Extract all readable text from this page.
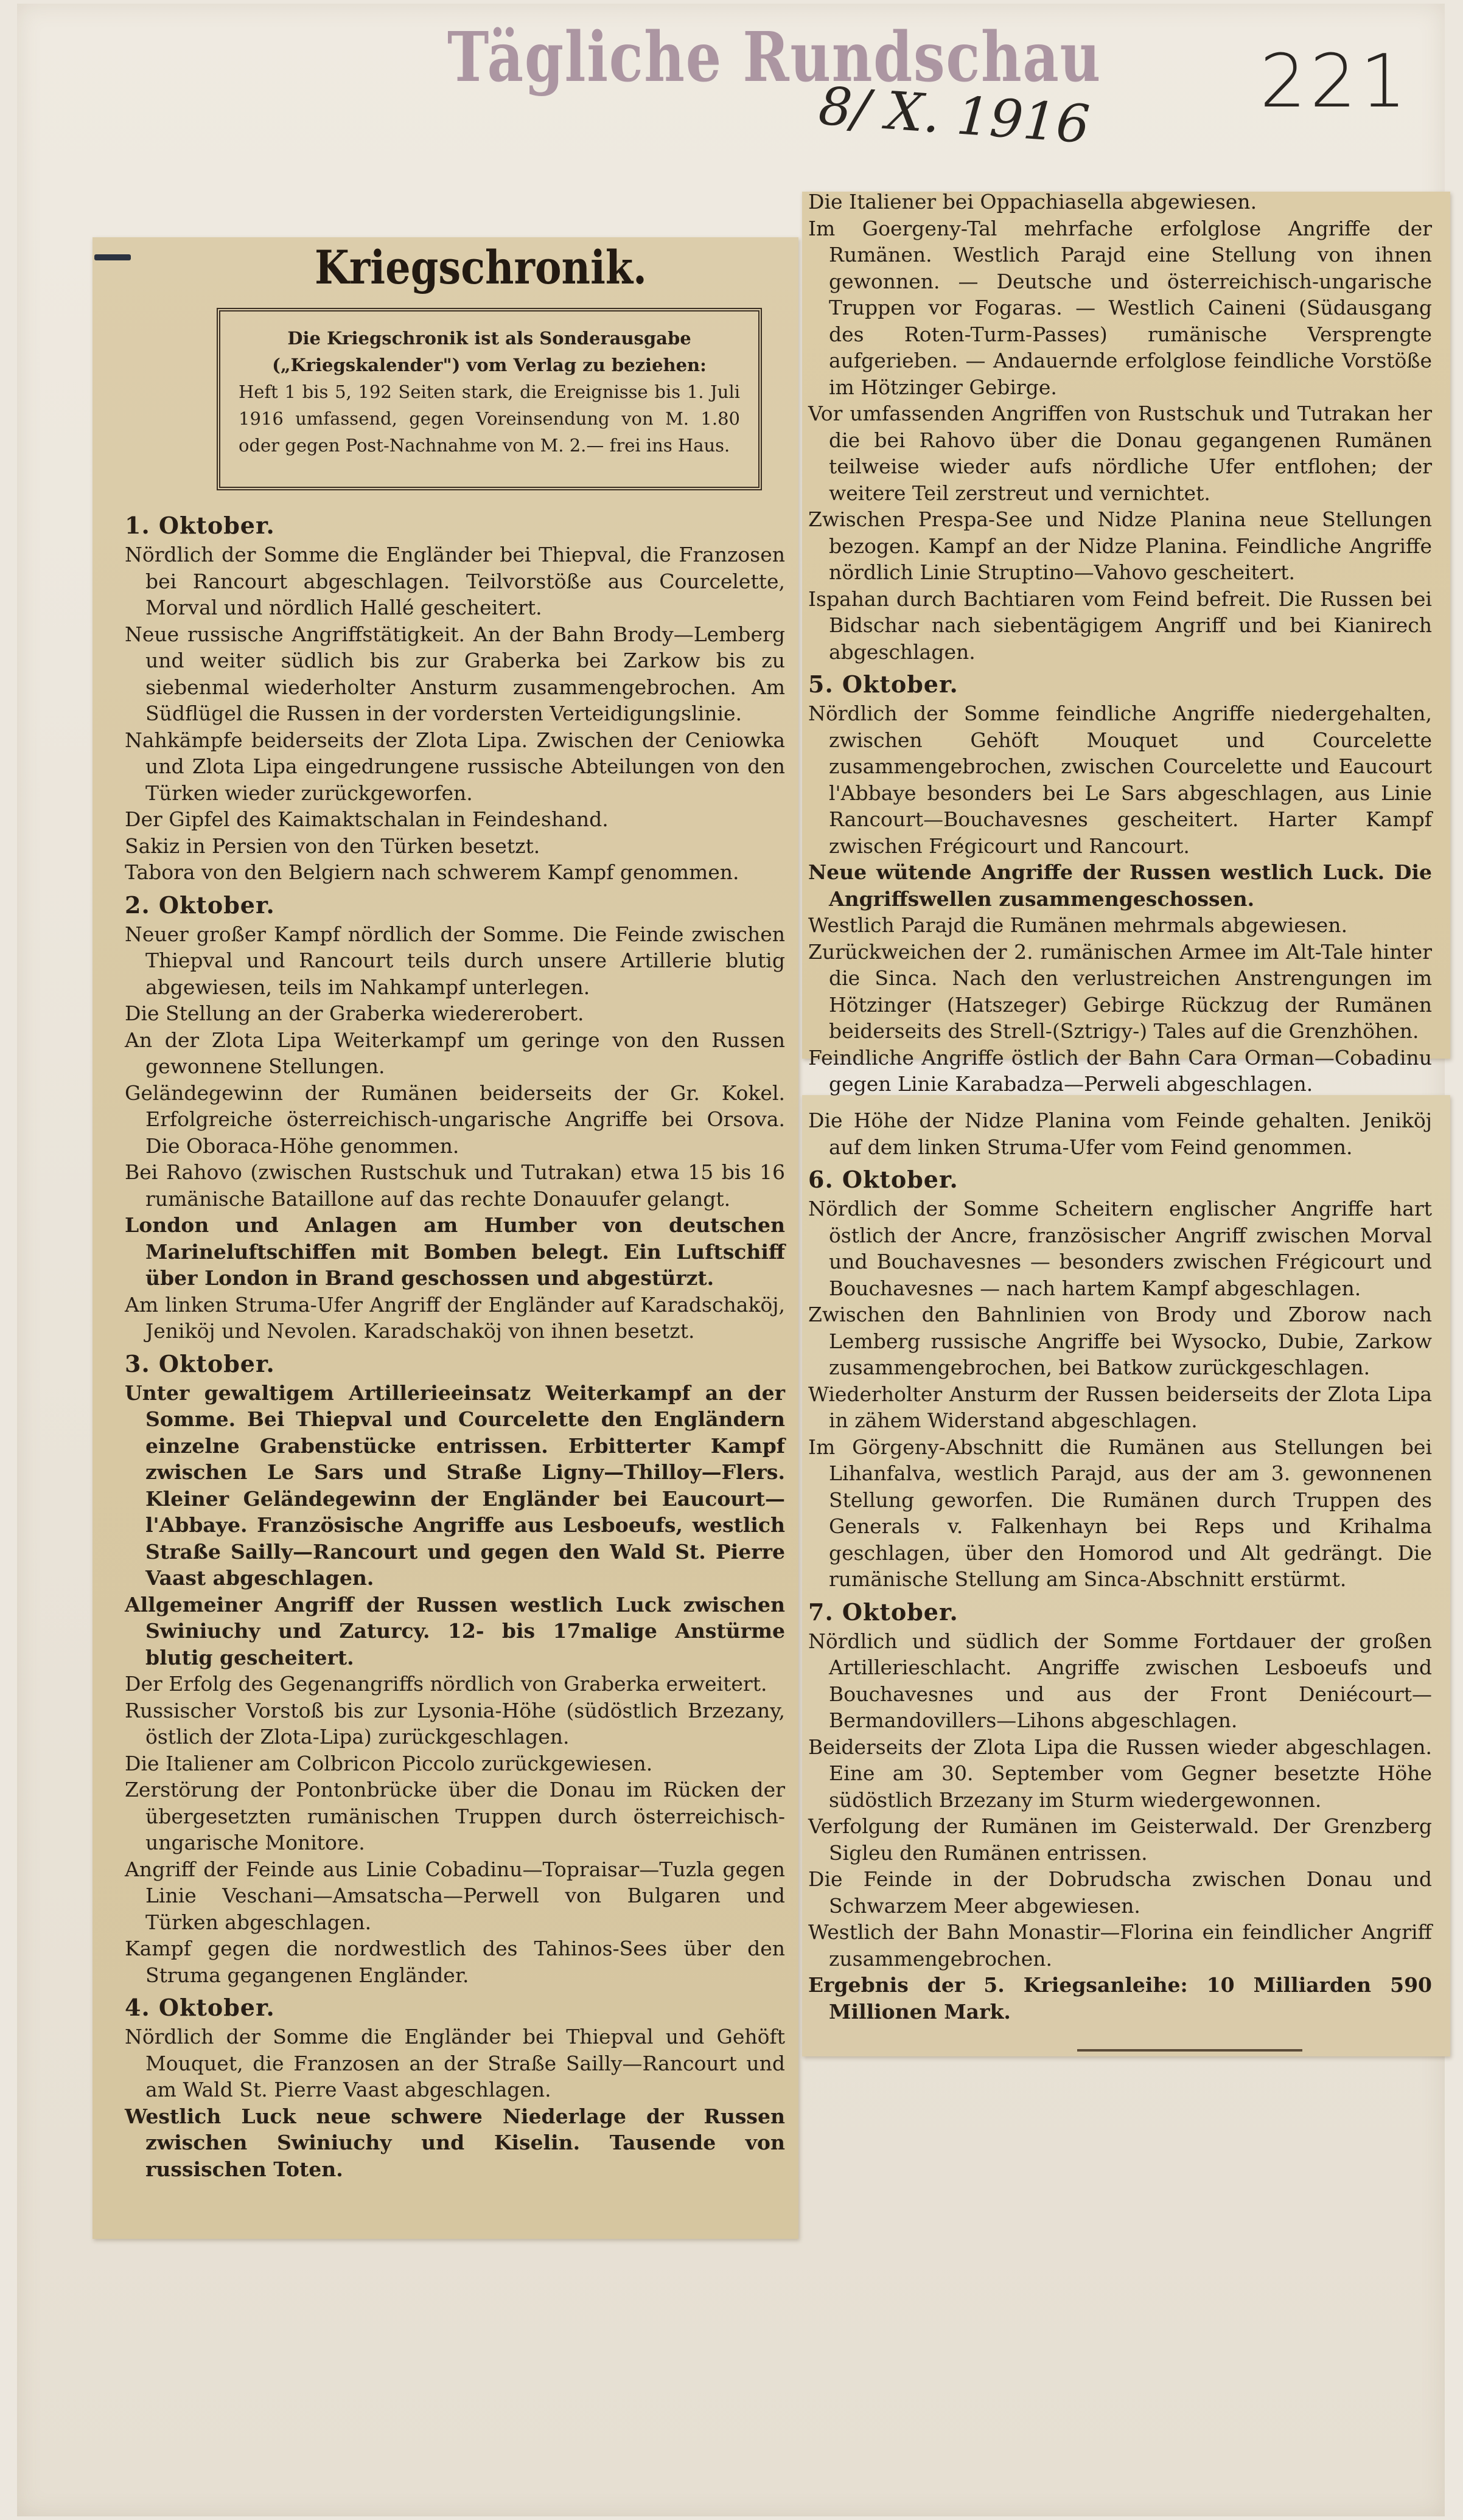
Tägliche Rundschau
8/ X. 1916 221
Kriegschronik.
Die Kriegschronik ist als Sonderausgabe („Kriegskalender") vom Verlag zu beziehen:
Heft 1 bis 5, 192 Seiten stark, die Ereignisse bis 1. Juli 1916 umfassend, gegen Voreinsendung von M. 1.80 oder gegen Post-Nachnahme von M. 2.— frei ins Haus.
1. Oktober.

Nördlich der Somme die Engländer bei Thiepval, die Franzosen bei Rancourt abgeschlagen. Teilvorstöße aus Courcelette, Morval und nördlich Hallé gescheitert.

Neue russische Angriffstätigkeit. An der Bahn Brody—Lemberg und weiter südlich bis zur Graberka bei Zarkow bis zu siebenmal wiederholter Ansturm zusammengebrochen. Am Südflügel die Russen in der vordersten Verteidigungslinie.

Nahkämpfe beiderseits der Zlota Lipa. Zwischen der Ceniowka und Zlota Lipa eingedrungene russische Abteilungen von den Türken wieder zurückgeworfen.

Der Gipfel des Kaimaktschalan in Feindeshand.

Sakiz in Persien von den Türken besetzt.

Tabora von den Belgiern nach schwerem Kampf genommen.

2. Oktober.

Neuer großer Kampf nördlich der Somme. Die Feinde zwischen Thiepval und Rancourt teils durch unsere Artillerie blutig abgewiesen, teils im Nahkampf unterlegen.

Die Stellung an der Graberka wiedererobert.

An der Zlota Lipa Weiterkampf um geringe von den Russen gewonnene Stellungen.

Geländegewinn der Rumänen beiderseits der Gr. Kokel. Erfolgreiche österreichisch-ungarische Angriffe bei Orsova. Die Oboraca-Höhe genommen.

Bei Rahovo (zwischen Rustschuk und Tutrakan) etwa 15 bis 16 rumänische Bataillone auf das rechte Donauufer gelangt.

London und Anlagen am Humber von deutschen Marineluftschiffen mit Bomben belegt. Ein Luftschiff über London in Brand geschossen und abgestürzt.

Am linken Struma-Ufer Angriff der Engländer auf Karadschaköj, Jeniköj und Nevolen. Karadschaköj von ihnen besetzt.

3. Oktober.

Unter gewaltigem Artillerieeinsatz Weiterkampf an der Somme. Bei Thiepval und Courcelette den Engländern einzelne Grabenstücke entrissen. Erbitterter Kampf zwischen Le Sars und Straße Ligny—Thilloy—Flers. Kleiner Geländegewinn der Engländer bei Eaucourt—l'Abbaye. Französische Angriffe aus Lesboeufs, westlich Straße Sailly—Rancourt und gegen den Wald St. Pierre Vaast abgeschlagen.

Allgemeiner Angriff der Russen westlich Luck zwischen Swiniuchy und Zaturcy. 12- bis 17malige Anstürme blutig gescheitert.

Der Erfolg des Gegenangriffs nördlich von Graberka erweitert.

Russischer Vorstoß bis zur Lysonia-Höhe (südöstlich Brzezany, östlich der Zlota-Lipa) zurückgeschlagen.

Die Italiener am Colbricon Piccolo zurückgewiesen.

Zerstörung der Pontonbrücke über die Donau im Rücken der übergesetzten rumänischen Truppen durch österreichisch-ungarische Monitore.

Angriff der Feinde aus Linie Cobadinu—Topraisar—Tuzla gegen Linie Veschani—Amsatscha—Perwell von Bulgaren und Türken abgeschlagen.

Kampf gegen die nordwestlich des Tahinos-Sees über den Struma gegangenen Engländer.

4. Oktober.

Nördlich der Somme die Engländer bei Thiepval und Gehöft Mouquet, die Franzosen an der Straße Sailly—Rancourt und am Wald St. Pierre Vaast abgeschlagen.

Westlich Luck neue schwere Niederlage der Russen zwischen Swiniuchy und Kiselin. Tausende von russischen Toten.

Die Italiener bei Oppachiasella abgewiesen.

Im Goergeny-Tal mehrfache erfolglose Angriffe der Rumänen. Westlich Parajd eine Stellung von ihnen gewonnen. — Deutsche und österreichisch-ungarische Truppen vor Fogaras. — Westlich Caineni (Südausgang des Roten-Turm-Passes) rumänische Versprengte aufgerieben. — Andauernde erfolglose feindliche Vorstöße im Hötzinger Gebirge.

Vor umfassenden Angriffen von Rustschuk und Tutrakan her die bei Rahovo über die Donau gegangenen Rumänen teilweise wieder aufs nördliche Ufer entflohen; der weitere Teil zerstreut und vernichtet.

Zwischen Prespa-See und Nidze Planina neue Stellungen bezogen. Kampf an der Nidze Planina. Feindliche Angriffe nördlich Linie Struptino—Vahovo gescheitert.

Ispahan durch Bachtiaren vom Feind befreit. Die Russen bei Bidschar nach siebentägigem Angriff und bei Kianirech abgeschlagen.

5. Oktober.

Nördlich der Somme feindliche Angriffe niedergehalten, zwischen Gehöft Mouquet und Courcelette zusammengebrochen, zwischen Courcelette und Eaucourt l'Abbaye besonders bei Le Sars abgeschlagen, aus Linie Rancourt—Bouchavesnes gescheitert. Harter Kampf zwischen Frégicourt und Rancourt.

Neue wütende Angriffe der Russen westlich Luck. Die Angriffswellen zusammengeschossen.

Westlich Parajd die Rumänen mehrmals abgewiesen.

Zurückweichen der 2. rumänischen Armee im Alt-Tale hinter die Sinca. Nach den verlustreichen Anstrengungen im Hötzinger (Hatszeger) Gebirge Rückzug der Rumänen beiderseits des Strell-(Sztrigy-) Tales auf die Grenzhöhen.

Feindliche Angriffe östlich der Bahn Cara Orman—Cobadinu gegen Linie Karabadza—Perweli abgeschlagen.

Die Höhe der Nidze Planina vom Feinde gehalten. Jeniköj auf dem linken Struma-Ufer vom Feind genommen.

6. Oktober.

Nördlich der Somme Scheitern englischer Angriffe hart östlich der Ancre, französischer Angriff zwischen Morval und Bouchavesnes — besonders zwischen Frégicourt und Bouchavesnes — nach hartem Kampf abgeschlagen.

Zwischen den Bahnlinien von Brody und Zborow nach Lemberg russische Angriffe bei Wysocko, Dubie, Zarkow zusammengebrochen, bei Batkow zurückgeschlagen.

Wiederholter Ansturm der Russen beiderseits der Zlota Lipa in zähem Widerstand abgeschlagen.

Im Görgeny-Abschnitt die Rumänen aus Stellungen bei Lihanfalva, westlich Parajd, aus der am 3. gewonnenen Stellung geworfen. Die Rumänen durch Truppen des Generals v. Falkenhayn bei Reps und Krihalma geschlagen, über den Homorod und Alt gedrängt. Die rumänische Stellung am Sinca-Abschnitt erstürmt.

7. Oktober.

Nördlich und südlich der Somme Fortdauer der großen Artillerieschlacht. Angriffe zwischen Lesboeufs und Bouchavesnes und aus der Front Deniécourt—Bermandovillers—Lihons abgeschlagen.

Beiderseits der Zlota Lipa die Russen wieder abgeschlagen. Eine am 30. September vom Gegner besetzte Höhe südöstlich Brzezany im Sturm wiedergewonnen.

Verfolgung der Rumänen im Geisterwald. Der Grenzberg Sigleu den Rumänen entrissen.

Die Feinde in der Dobrudscha zwischen Donau und Schwarzem Meer abgewiesen.

Westlich der Bahn Monastir—Florina ein feindlicher Angriff zusammengebrochen.

Ergebnis der 5. Kriegsanleihe: 10 Milliarden 590 Millionen Mark.
